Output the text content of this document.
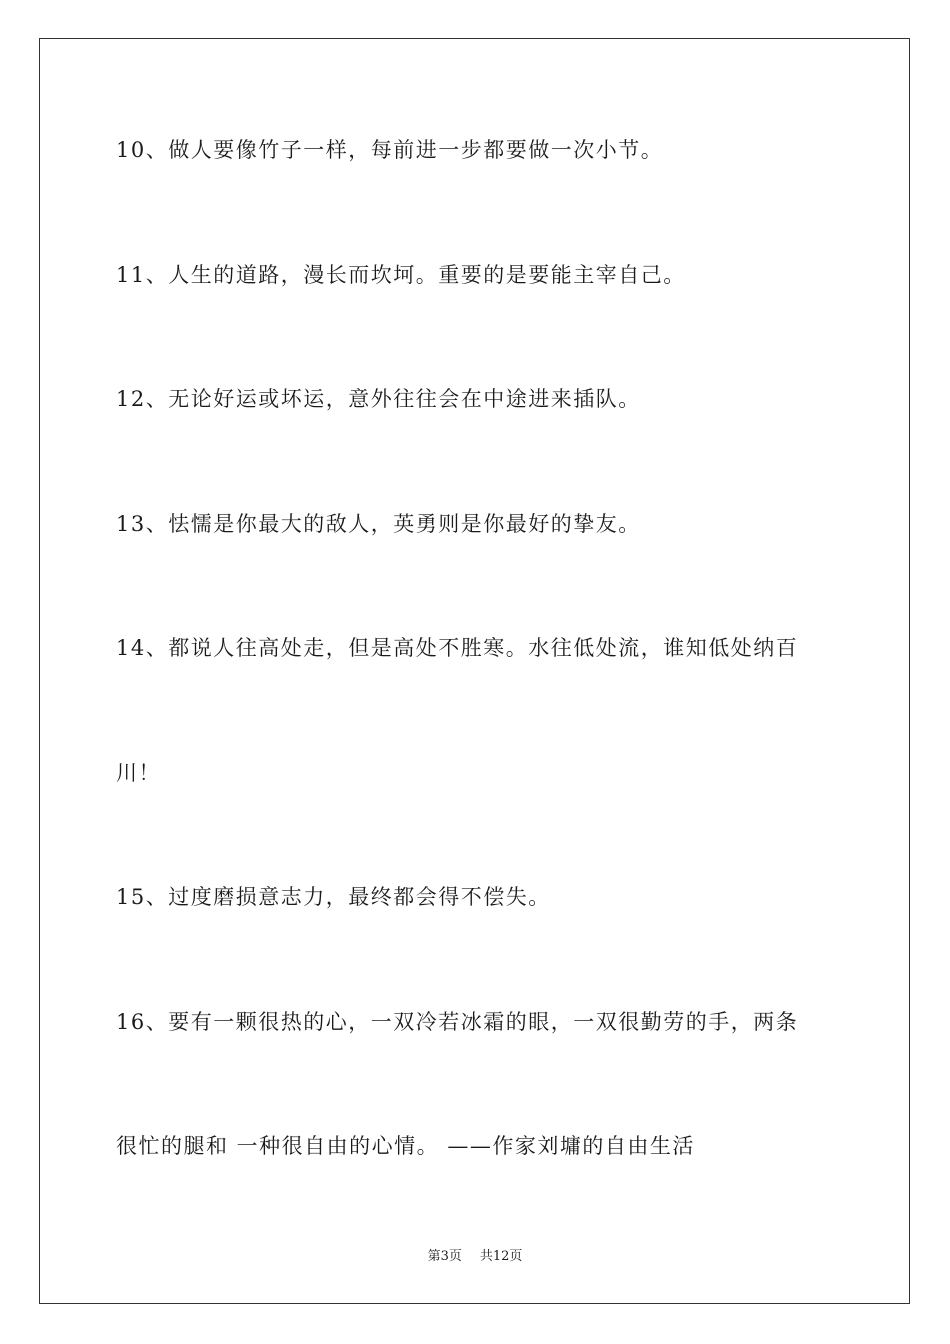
10、做人要像竹子一样，每前进一步都要做一次小节。
11、人生的道路，漫长而坎坷。重要的是要能主宰自己。
12、无论好运或坏运，意外往往会在中途进来插队。
13、怯懦是你最大的敌人，英勇则是你最好的挚友。
14、都说人往高处走，但是高处不胜寒。水往低处流，谁知低处纳百
川！
15、过度磨损意志力，最终都会得不偿失。
16、要有一颗很热的心，一双冷若冰霜的眼，一双很勤劳的手，两条
很忙的腿和 一种很自由的心情。 ——作家刘墉的自由生活
第3页 共12页
